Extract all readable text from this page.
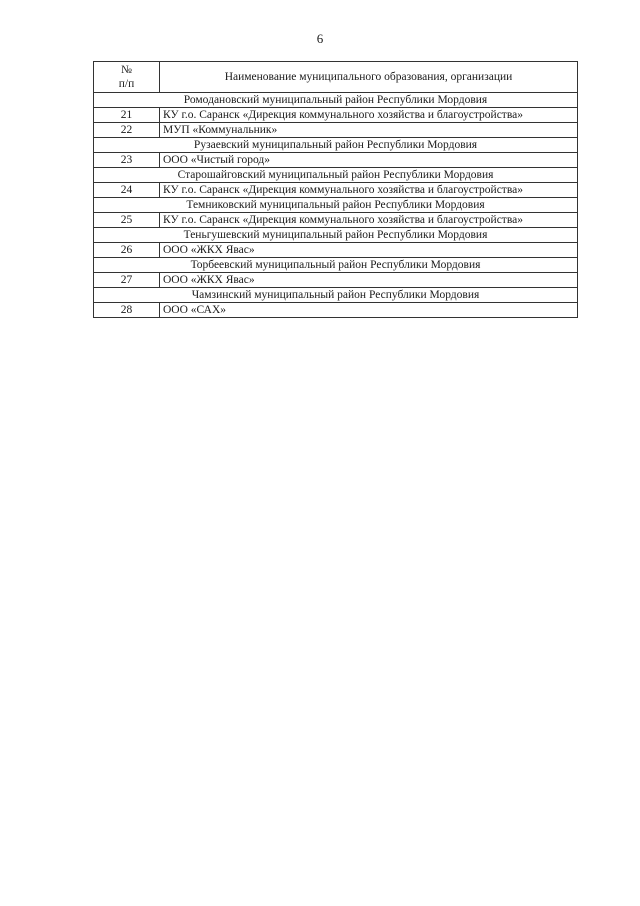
6
№
п/п	Наименование муниципального образования, организации
Ромодановский муниципальный район Республики Мордовия	
21	КУ г.о. Саранск «Дирекция коммунального хозяйства и благоустройства»
22	МУП «Коммунальник»
Рузаевский муниципальный район Республики Мордовия	
23	ООО «Чистый город»
Старошайговский муниципальный район Республики Мордовия	
24	КУ г.о. Саранск «Дирекция коммунального хозяйства и благоустройства»
Темниковский муниципальный район Республики Мордовия	
25	КУ г.о. Саранск «Дирекция коммунального хозяйства и благоустройства»
Теньгушевский муниципальный район Республики Мордовия	
26	ООО «ЖКХ Явас»
Торбеевский муниципальный район Республики Мордовия	
27	ООО «ЖКХ Явас»
Чамзинский муниципальный район Республики Мордовия	
28	ООО «САХ»
